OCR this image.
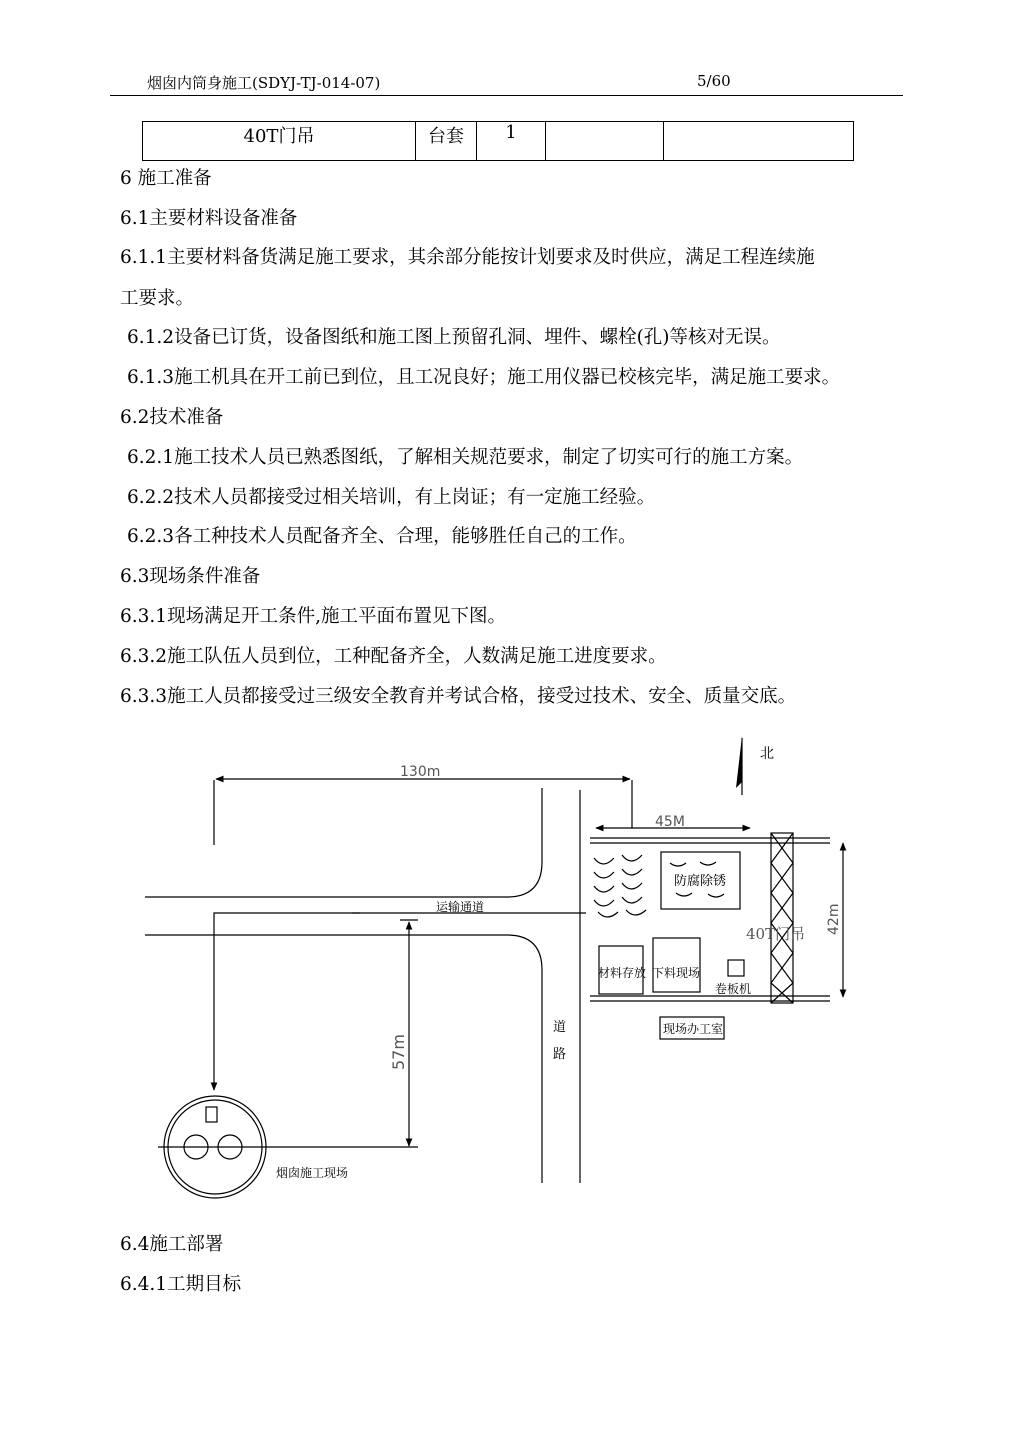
烟囱内筒身施工(SDYJ-TJ-014-07)	5/60
40T门吊	台套	1		
6 施工准备
6.1主要材料设备准备
6.1.1主要材料备货满足施工要求，其余部分能按计划要求及时供应，满足工程连续施
工要求。
6.1.2设备已订货，设备图纸和施工图上预留孔洞、埋件、螺栓(孔)等核对无误。
6.1.3施工机具在开工前已到位，且工况良好；施工用仪器已校核完毕，满足施工要求。
6.2技术准备
6.2.1施工技术人员已熟悉图纸，了解相关规范要求，制定了切实可行的施工方案。
6.2.2技术人员都接受过相关培训，有上岗证；有一定施工经验。
6.2.3各工种技术人员配备齐全、合理，能够胜任自己的工作。
6.3现场条件准备
6.3.1现场满足开工条件,施工平面布置见下图。
6.3.2施工队伍人员到位，工种配备齐全，人数满足施工进度要求。
6.3.3施工人员都接受过三级安全教育并考试合格，接受过技术、安全、质量交底。
北
130m
45M
42m
57m
运输通道
道
路
防腐除锈
40T门吊
材料存放 下料现场
卷板机
现场办工室
烟囱施工现场
6.4施工部署
6.4.1工期目标
